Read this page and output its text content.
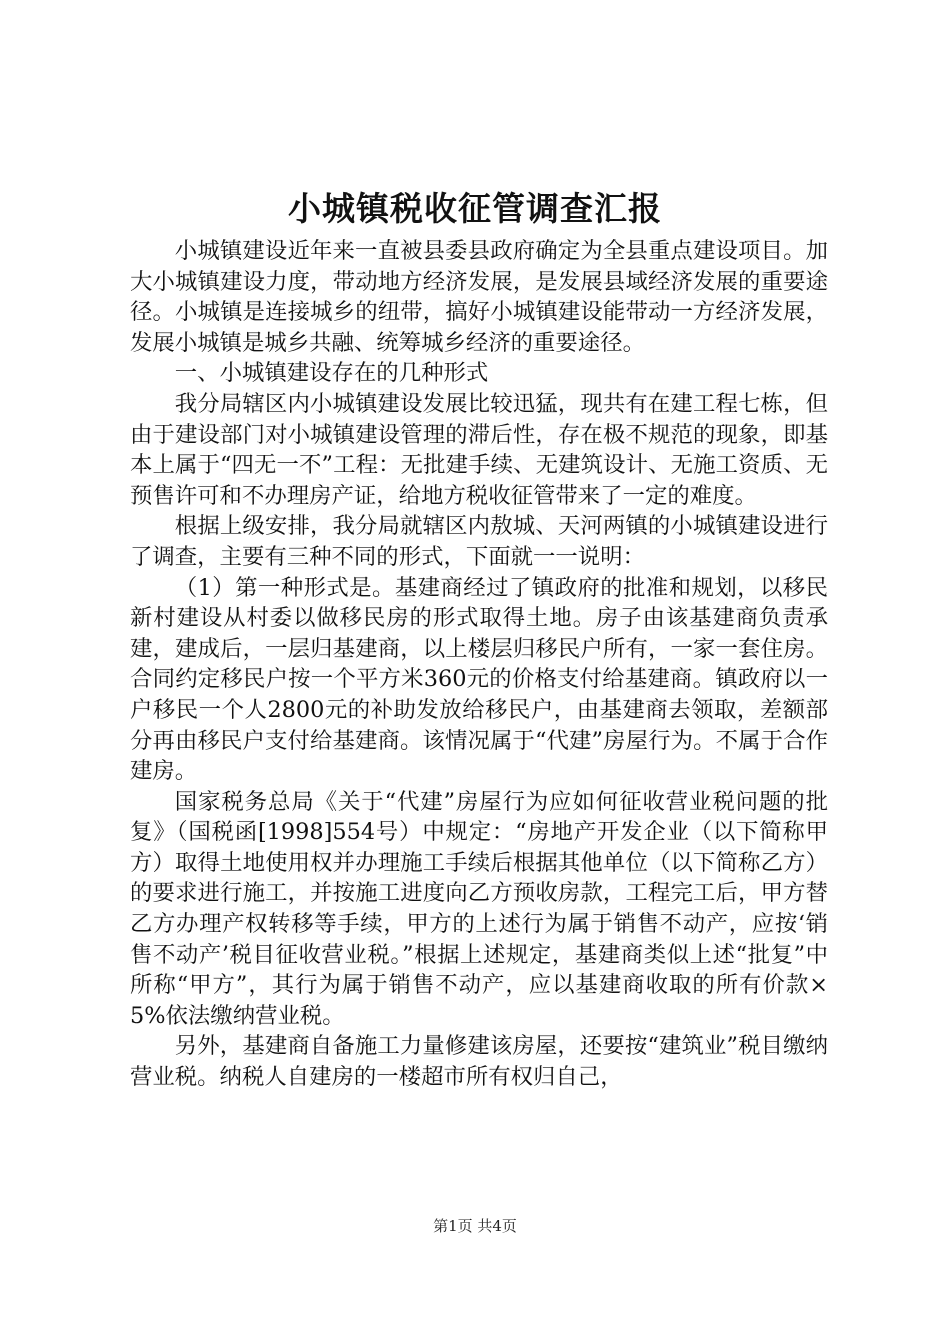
小城镇税收征管调查汇报

小城镇建设近年来一直被县委县政府确定为全县重点建设项目。加大小城镇建设力度，带动地方经济发展，是发展县域经济发展的重要途径。小城镇是连接城乡的纽带，搞好小城镇建设能带动一方经济发展，发展小城镇是城乡共融、统筹城乡经济的重要途径。

一、小城镇建设存在的几种形式

我分局辖区内小城镇建设发展比较迅猛，现共有在建工程七栋，但由于建设部门对小城镇建设管理的滞后性，存在极不规范的现象，即基本上属于“四无一不”工程：无批建手续、无建筑设计、无施工资质、无预售许可和不办理房产证，给地方税收征管带来了一定的难度。

根据上级安排，我分局就辖区内敖城、天河两镇的小城镇建设进行了调查，主要有三种不同的形式，下面就一一说明：

（1）第一种形式是。基建商经过了镇政府的批准和规划，以移民新村建设从村委以做移民房的形式取得土地。房子由该基建商负责承建，建成后，一层归基建商，以上楼层归移民户所有，一家一套住房。合同约定移民户按一个平方米360元的价格支付给基建商。镇政府以一户移民一个人2800元的补助发放给移民户，由基建商去领取，差额部分再由移民户支付给基建商。该情况属于“代建”房屋行为。不属于合作建房。

国家税务总局《关于“代建”房屋行为应如何征收营业税问题的批复》（国税函[1998]554号）中规定：“房地产开发企业（以下简称甲方）取得土地使用权并办理施工手续后根据其他单位（以下简称乙方）的要求进行施工，并按施工进度向乙方预收房款，工程完工后，甲方替乙方办理产权转移等手续，甲方的上述行为属于销售不动产，应按‘销售不动产’税目征收营业税。”根据上述规定，基建商类似上述“批复”中所称“甲方”，其行为属于销售不动产，应以基建商收取的所有价款×5%依法缴纳营业税。

另外，基建商自备施工力量修建该房屋，还要按“建筑业”税目缴纳营业税。纳税人自建房的一楼超市所有权归自己，

第1页 共4页
